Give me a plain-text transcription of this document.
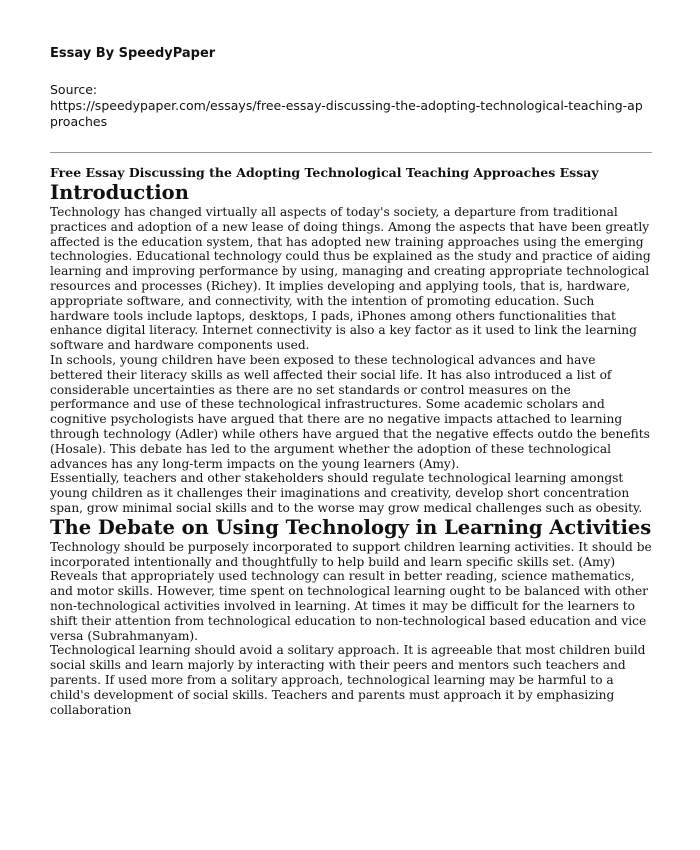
Essay By SpeedyPaper
Source:
https://speedypaper.com/essays/free-essay-discussing-the-adopting-technological-teaching-approaches
Free Essay Discussing the Adopting Technological Teaching Approaches Essay
Introduction

Technology has changed virtually all aspects of today's society, a departure from traditional practices and adoption of a new lease of doing things. Among the aspects that have been greatly affected is the education system, that has adopted new training approaches using the emerging technologies. Educational technology could thus be explained as the study and practice of aiding learning and improving performance by using, managing and creating appropriate technological resources and processes (Richey). It implies developing and applying tools, that is, hardware, appropriate software, and connectivity, with the intention of promoting education. Such hardware tools include laptops, desktops, I pads, iPhones among others functionalities that enhance digital literacy. Internet connectivity is also a key factor as it used to link the learning software and hardware components used.

In schools, young children have been exposed to these technological advances and have bettered their literacy skills as well affected their social life. It has also introduced a list of considerable uncertainties as there are no set standards or control measures on the performance and use of these technological infrastructures. Some academic scholars and cognitive psychologists have argued that there are no negative impacts attached to learning through technology (Adler) while others have argued that the negative effects outdo the benefits (Hosale). This debate has led to the argument whether the adoption of these technological advances has any long-term impacts on the young learners (Amy).

Essentially, teachers and other stakeholders should regulate technological learning amongst young children as it challenges their imaginations and creativity, develop short concentration span, grow minimal social skills and to the worse may grow medical challenges such as obesity.

The Debate on Using Technology in Learning Activities

Technology should be purposely incorporated to support children learning activities. It should be incorporated intentionally and thoughtfully to help build and learn specific skills set. (Amy) Reveals that appropriately used technology can result in better reading, science mathematics, and motor skills. However, time spent on technological learning ought to be balanced with other non-technological activities involved in learning. At times it may be difficult for the learners to shift their attention from technological education to non-technological based education and vice versa (Subrahmanyam).

Technological learning should avoid a solitary approach. It is agreeable that most children build social skills and learn majorly by interacting with their peers and mentors such teachers and parents. If used more from a solitary approach, technological learning may be harmful to a child's development of social skills. Teachers and parents must approach it by emphasizing collaboration
